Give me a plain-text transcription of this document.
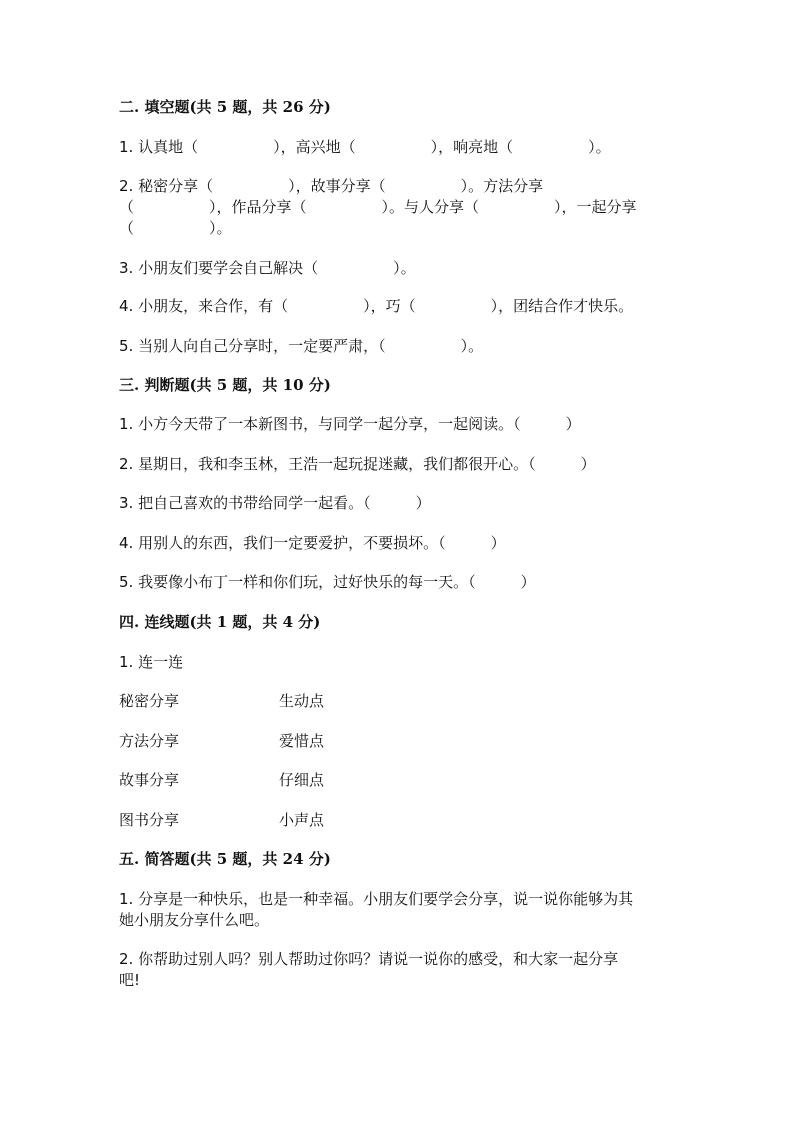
二. 填空题(共 5 题，共 26 分)
1. 认真地（　　　　　），高兴地（　　　　　），响亮地（　　　　　）。
2. 秘密分享（　　　　　），故事分享（　　　　　）。方法分享
（　　　　　），作品分享（　　　　　）。与人分享（　　　　　），一起分享
（　　　　　）。
3. 小朋友们要学会自己解决（　　　　　）。
4. 小朋友，来合作，有（　　　　　），巧（　　　　　），团结合作才快乐。
5. 当别人向自己分享时，一定要严肃，（　　　　　）。
三. 判断题(共 5 题，共 10 分)
1. 小方今天带了一本新图书，与同学一起分享，一起阅读。（　　　）
2. 星期日，我和李玉林，王浩一起玩捉迷藏，我们都很开心。（　　　）
3. 把自己喜欢的书带给同学一起看。（　　　）
4. 用别人的东西，我们一定要爱护，不要损坏。（　　　）
5. 我要像小布丁一样和你们玩，过好快乐的每一天。（　　　）
四. 连线题(共 1 题，共 4 分)
1. 连一连
秘密分享	生动点
方法分享	爱惜点
故事分享	仔细点
图书分享	小声点
五. 简答题(共 5 题，共 24 分)
1. 分享是一种快乐，也是一种幸福。小朋友们要学会分享，说一说你能够为其
她小朋友分享什么吧。
2. 你帮助过别人吗？别人帮助过你吗？请说一说你的感受，和大家一起分享
吧!
